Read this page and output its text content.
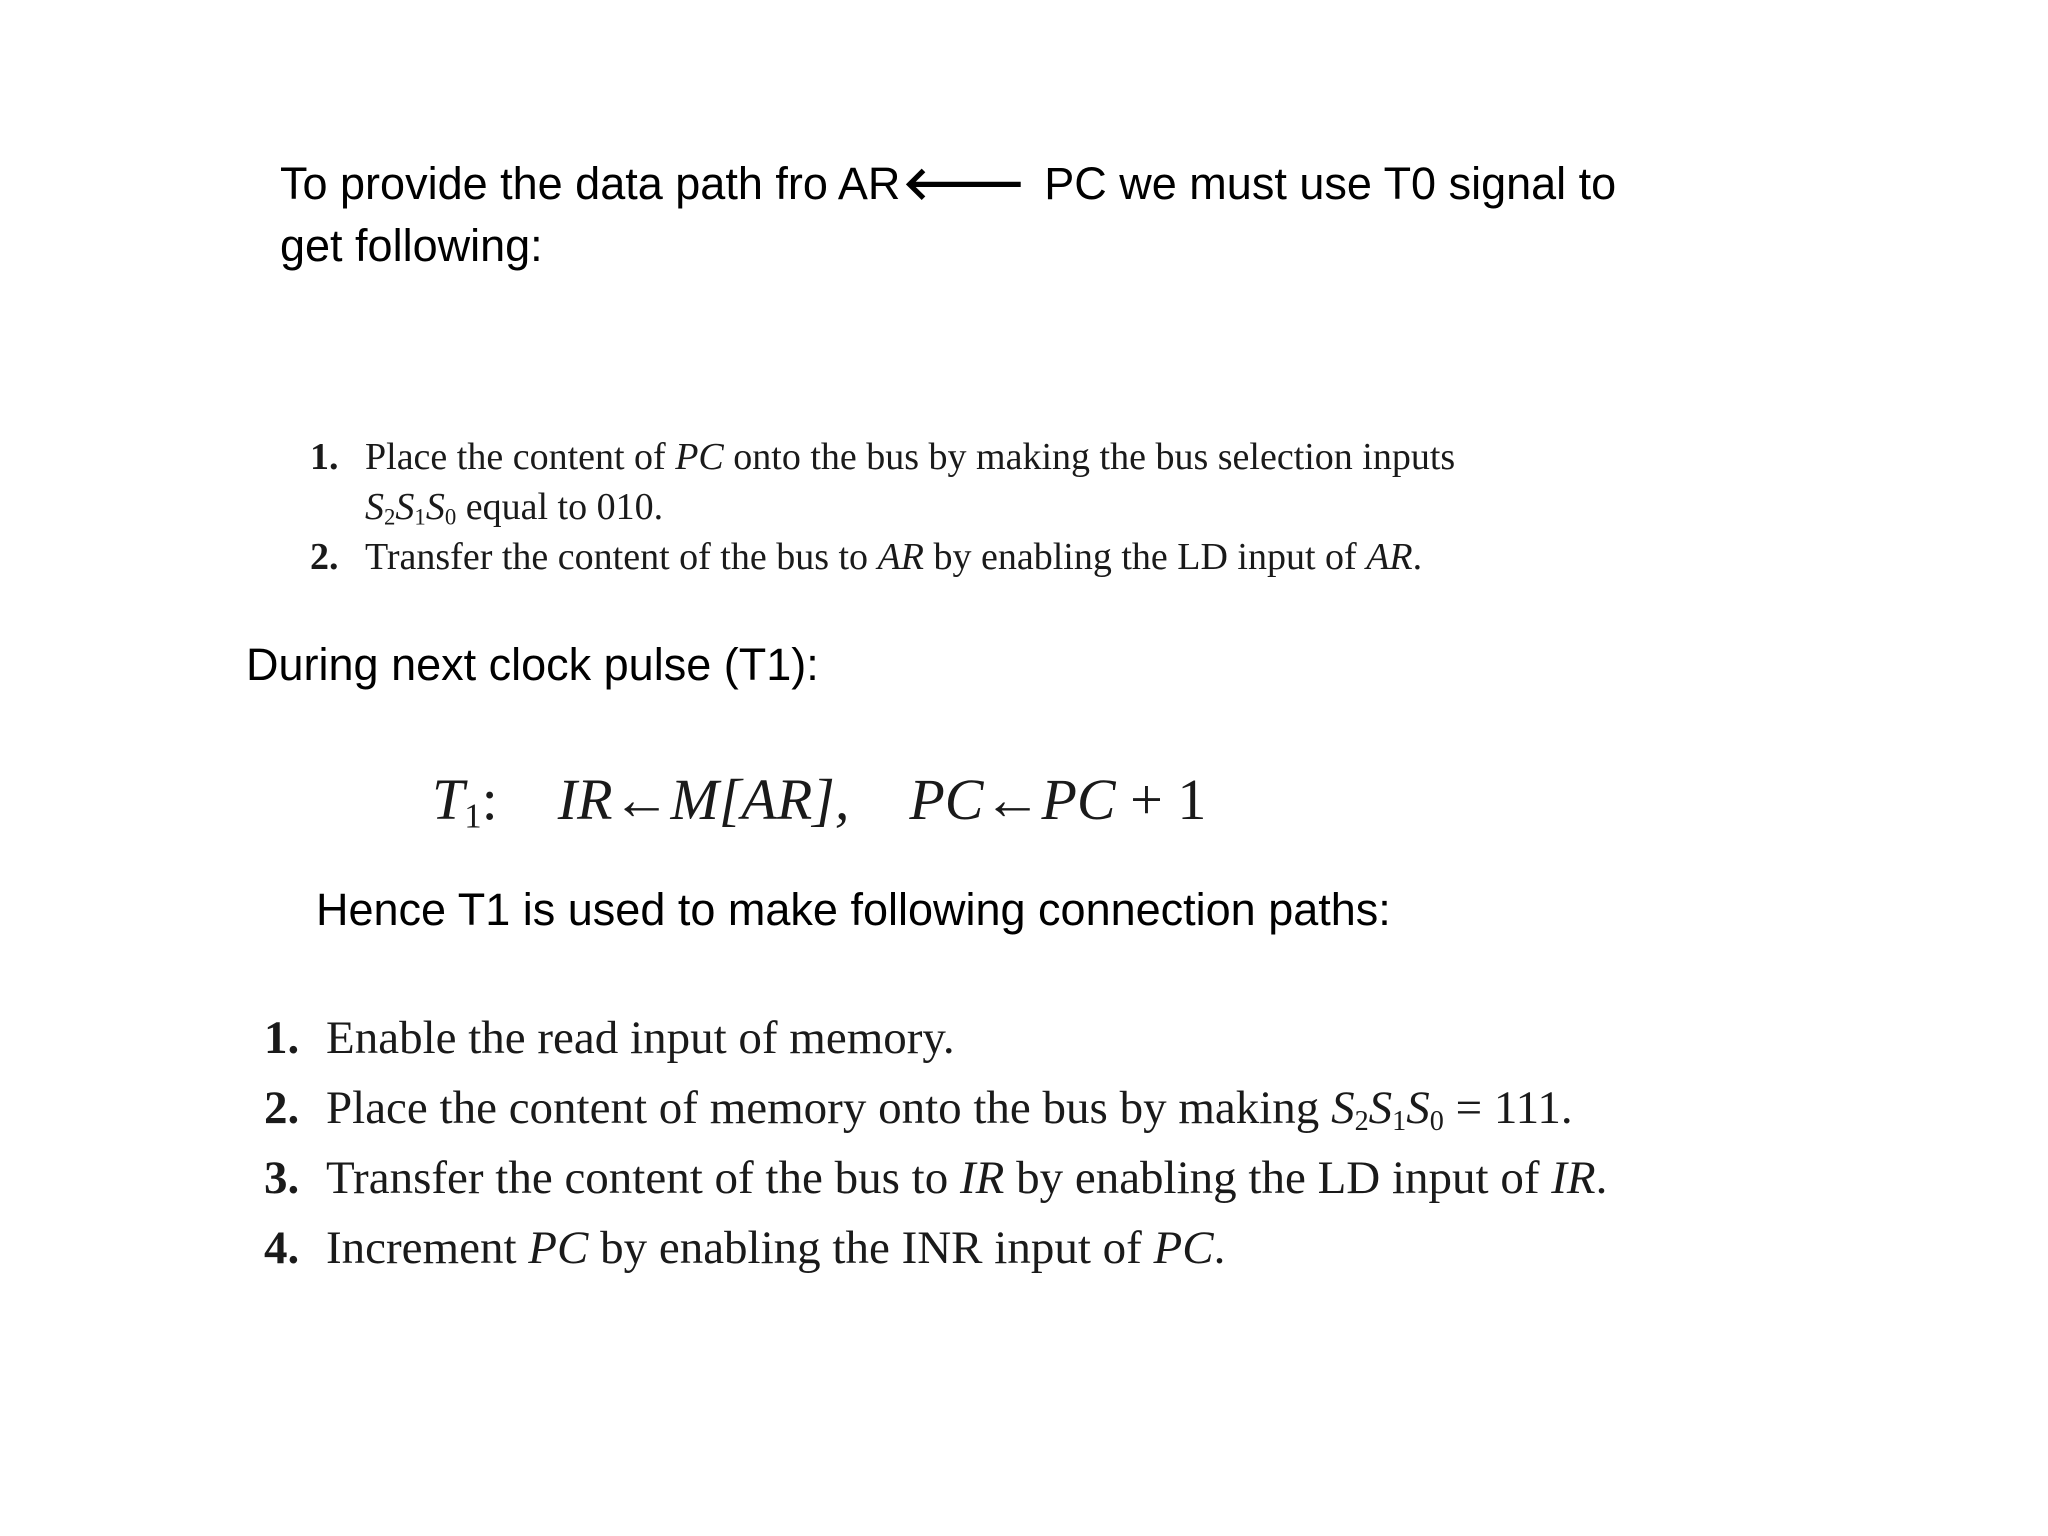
To provide the data path fro AR🡐 PC we must use T0 signal to
get following:
1. Place the content of PC onto the bus by making the bus selection inputs
$S_2S_1S_0$ equal to 010.
2. Transfer the content of the bus to AR by enabling the LD input of AR.
During next clock pulse (T1):
$T_1$: IR←M[AR], PC←PC + 1
Hence T1 is used to make following connection paths:
1. Enable the read input of memory.
2. Place the content of memory onto the bus by making $S_2S_1S_0 = 111$.
3. Transfer the content of the bus to IR by enabling the LD input of IR.
4. Increment PC by enabling the INR input of PC.
